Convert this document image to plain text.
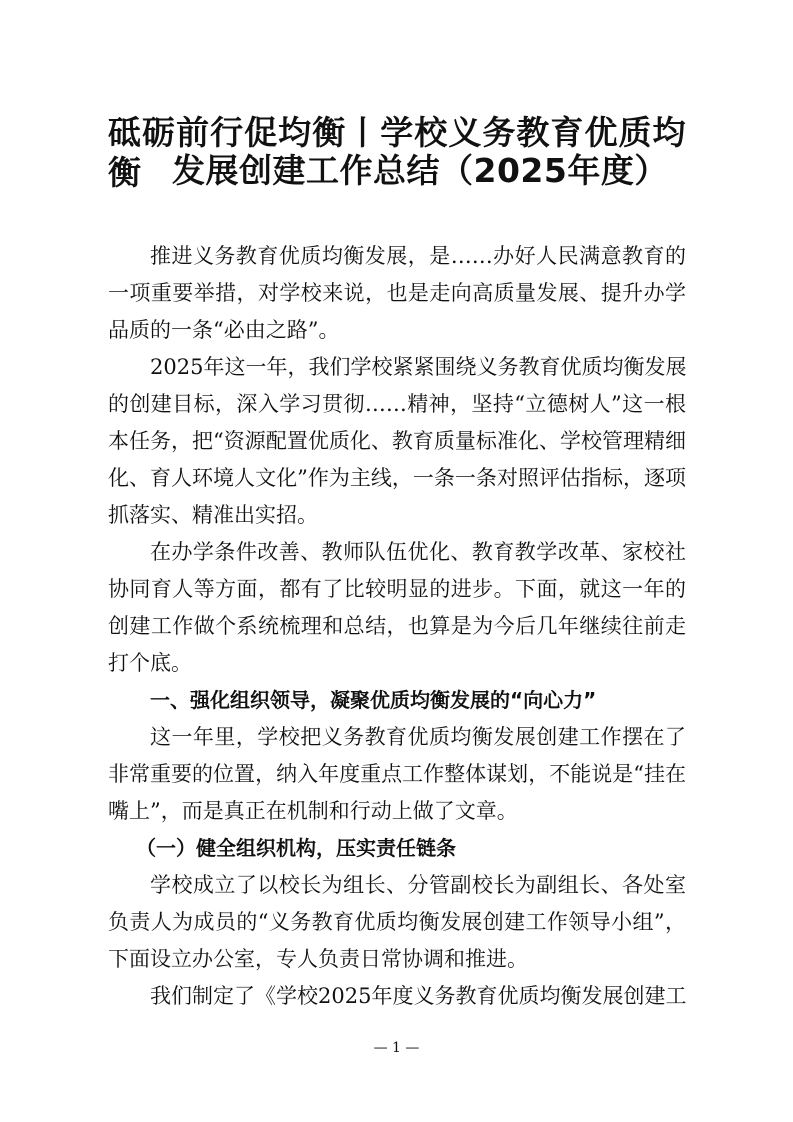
砥砺前行促均衡丨学校义务教育优质均衡 发展创建工作总结（2025年度）
推进义务教育优质均衡发展，是……办好人民满意教育的
一项重要举措，对学校来说，也是走向高质量发展、提升办学
品质的一条“必由之路”。
2025年这一年，我们学校紧紧围绕义务教育优质均衡发展
的创建目标，深入学习贯彻……精神，坚持“立德树人”这一根
本任务，把“资源配置优质化、教育质量标准化、学校管理精细
化、育人环境人文化”作为主线，一条一条对照评估指标，逐项
抓落实、精准出实招。
在办学条件改善、教师队伍优化、教育教学改革、家校社
协同育人等方面，都有了比较明显的进步。下面，就这一年的
创建工作做个系统梳理和总结，也算是为今后几年继续往前走
打个底。
一、强化组织领导，凝聚优质均衡发展的“向心力”
这一年里，学校把义务教育优质均衡发展创建工作摆在了
非常重要的位置，纳入年度重点工作整体谋划，不能说是“挂在
嘴上”，而是真正在机制和行动上做了文章。
（一）健全组织机构，压实责任链条
学校成立了以校长为组长、分管副校长为副组长、各处室
负责人为成员的“义务教育优质均衡发展创建工作领导小组”，
下面设立办公室，专人负责日常协调和推进。
我们制定了《学校2025年度义务教育优质均衡发展创建工
— 1 —
